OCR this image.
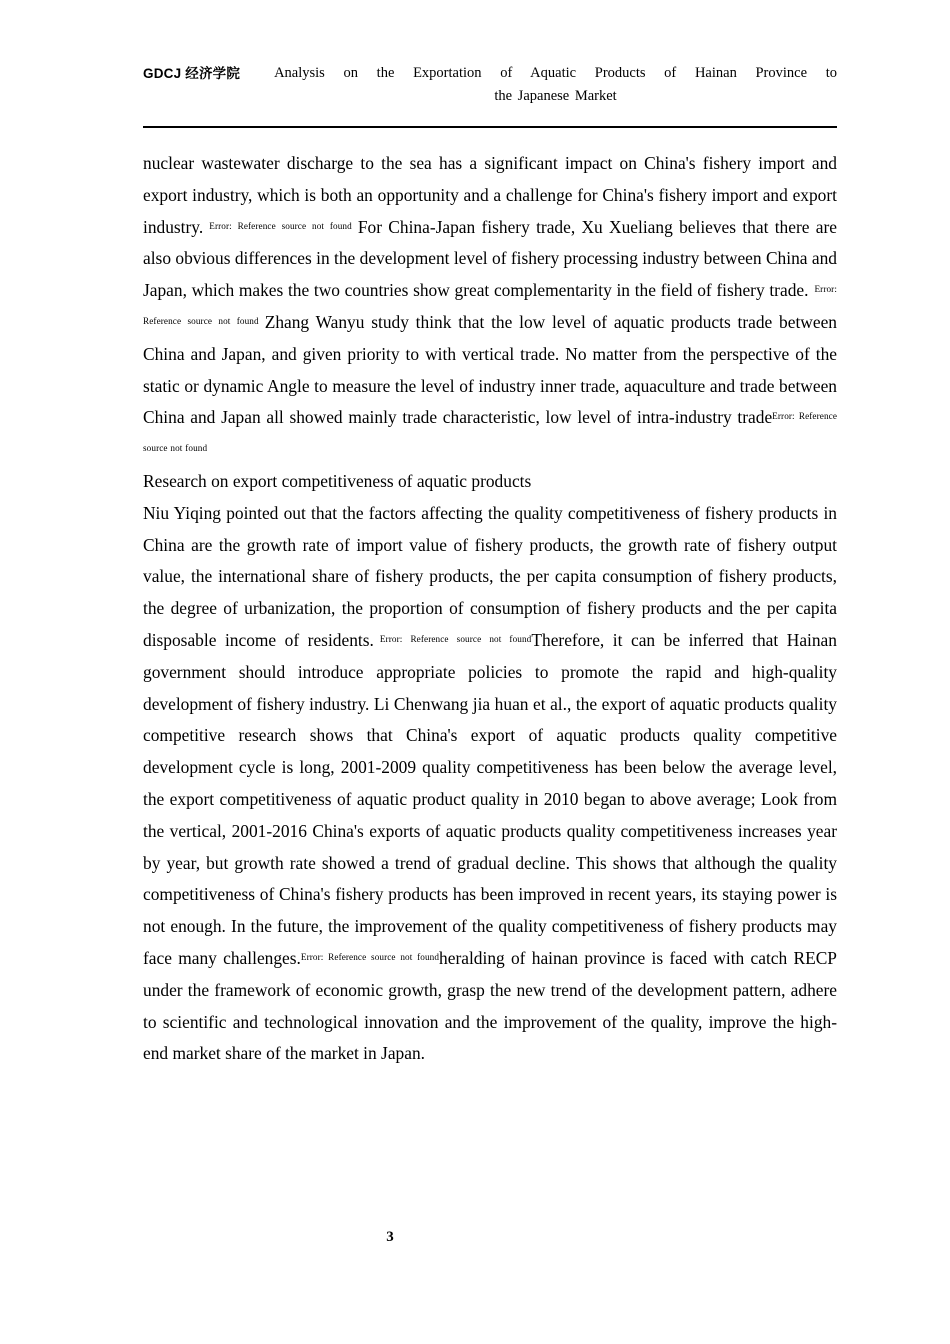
GDCJ 经济学院 Analysis on the Exportation of Aquatic Products of Hainan Province to
the Japanese Market

nuclear wastewater discharge to the sea has a significant impact on China's fishery import and export industry, which is both an opportunity and a challenge for China's fishery import and export industry. $^{Error: Reference source not found}$ For China-Japan fishery trade, Xu Xueliang believes that there are also obvious differences in the development level of fishery processing industry between China and Japan, which makes the two countries show great complementarity in the field of fishery trade. $^{Error: Reference source not found}$ Zhang Wanyu study think that the low level of aquatic products trade between China and Japan, and given priority to with vertical trade. No matter from the perspective of the static or dynamic Angle to measure the level of industry inner trade, aquaculture and trade between China and Japan all showed mainly trade characteristic, low level of intra-industry trade$^{Error: Reference source not found}$

Research on export competitiveness of aquatic products

Niu Yiqing pointed out that the factors affecting the quality competitiveness of fishery products in China are the growth rate of import value of fishery products, the growth rate of fishery output value, the international share of fishery products, the per capita consumption of fishery products, the degree of urbanization, the proportion of consumption of fishery products and the per capita disposable income of residents. $^{Error: Reference source not found}$Therefore, it can be inferred that Hainan government should introduce appropriate policies to promote the rapid and high-quality development of fishery industry. Li Chenwang jia huan et al., the export of aquatic products quality competitive research shows that China's export of aquatic products quality competitive development cycle is long, 2001-2009 quality competitiveness has been below the average level, the export competitiveness of aquatic product quality in 2010 began to above average; Look from the vertical, 2001-2016 China's exports of aquatic products quality competitiveness increases year by year, but growth rate showed a trend of gradual decline. This shows that although the quality competitiveness of China's fishery products has been improved in recent years, its staying power is not enough. In the future, the improvement of the quality competitiveness of fishery products may face many challenges.$^{Error: Reference source not found}$heralding of hainan province is faced with catch RECP under the framework of economic growth, grasp the new trend of the development pattern, adhere to scientific and technological innovation and the improvement of the quality, improve the high-end market share of the market in Japan.

3
